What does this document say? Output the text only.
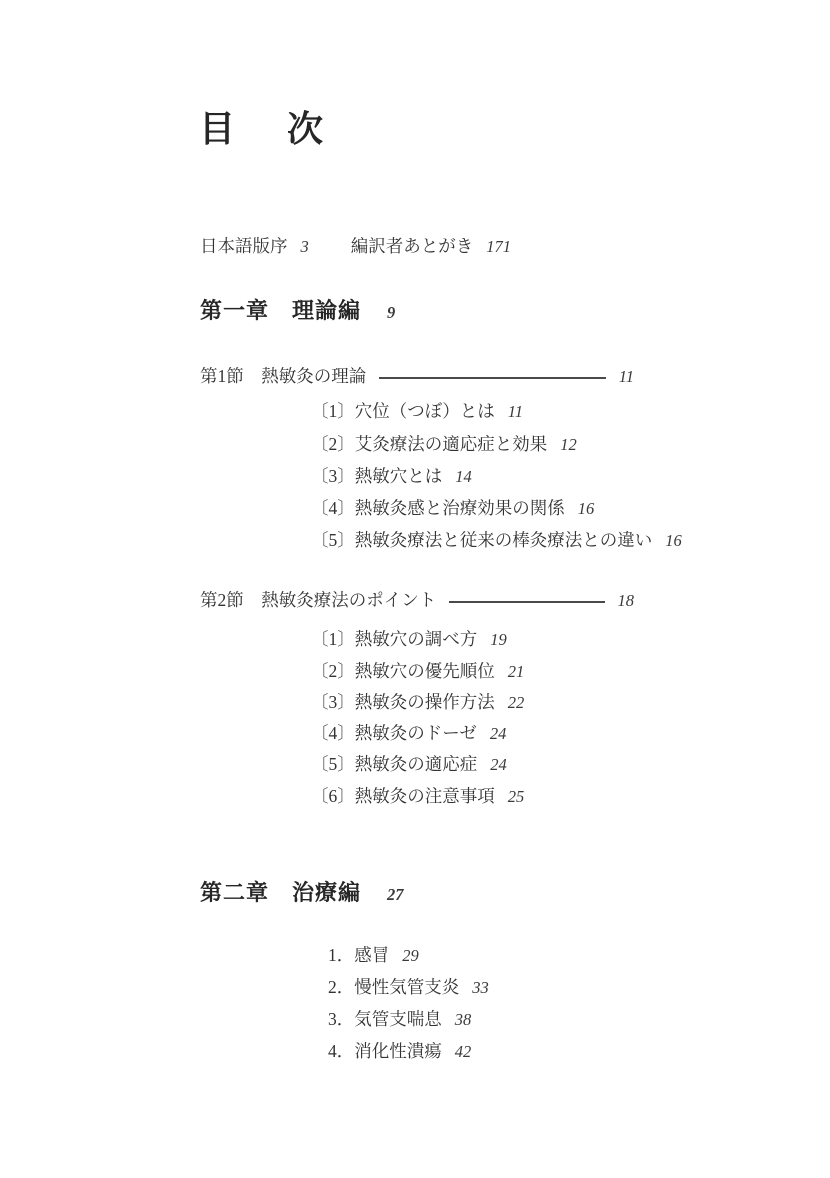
目 次
日本語版序 3 編訳者あとがき 171
第一章　理論編 9
第1節　熱敏灸の理論	11
〔1〕穴位（つぼ）とは 11
〔2〕艾灸療法の適応症と効果 12
〔3〕熱敏穴とは 14
〔4〕熱敏灸感と治療効果の関係 16
〔5〕熱敏灸療法と従来の棒灸療法との違い 16
第2節　熱敏灸療法のポイント	18
〔1〕熱敏穴の調べ方 19
〔2〕熱敏穴の優先順位 21
〔3〕熱敏灸の操作方法 22
〔4〕熱敏灸のドーゼ 24
〔5〕熱敏灸の適応症 24
〔6〕熱敏灸の注意事項 25
第二章　治療編 27
1．感冒 29
2．慢性気管支炎 33
3．気管支喘息 38
4．消化性潰瘍 42
